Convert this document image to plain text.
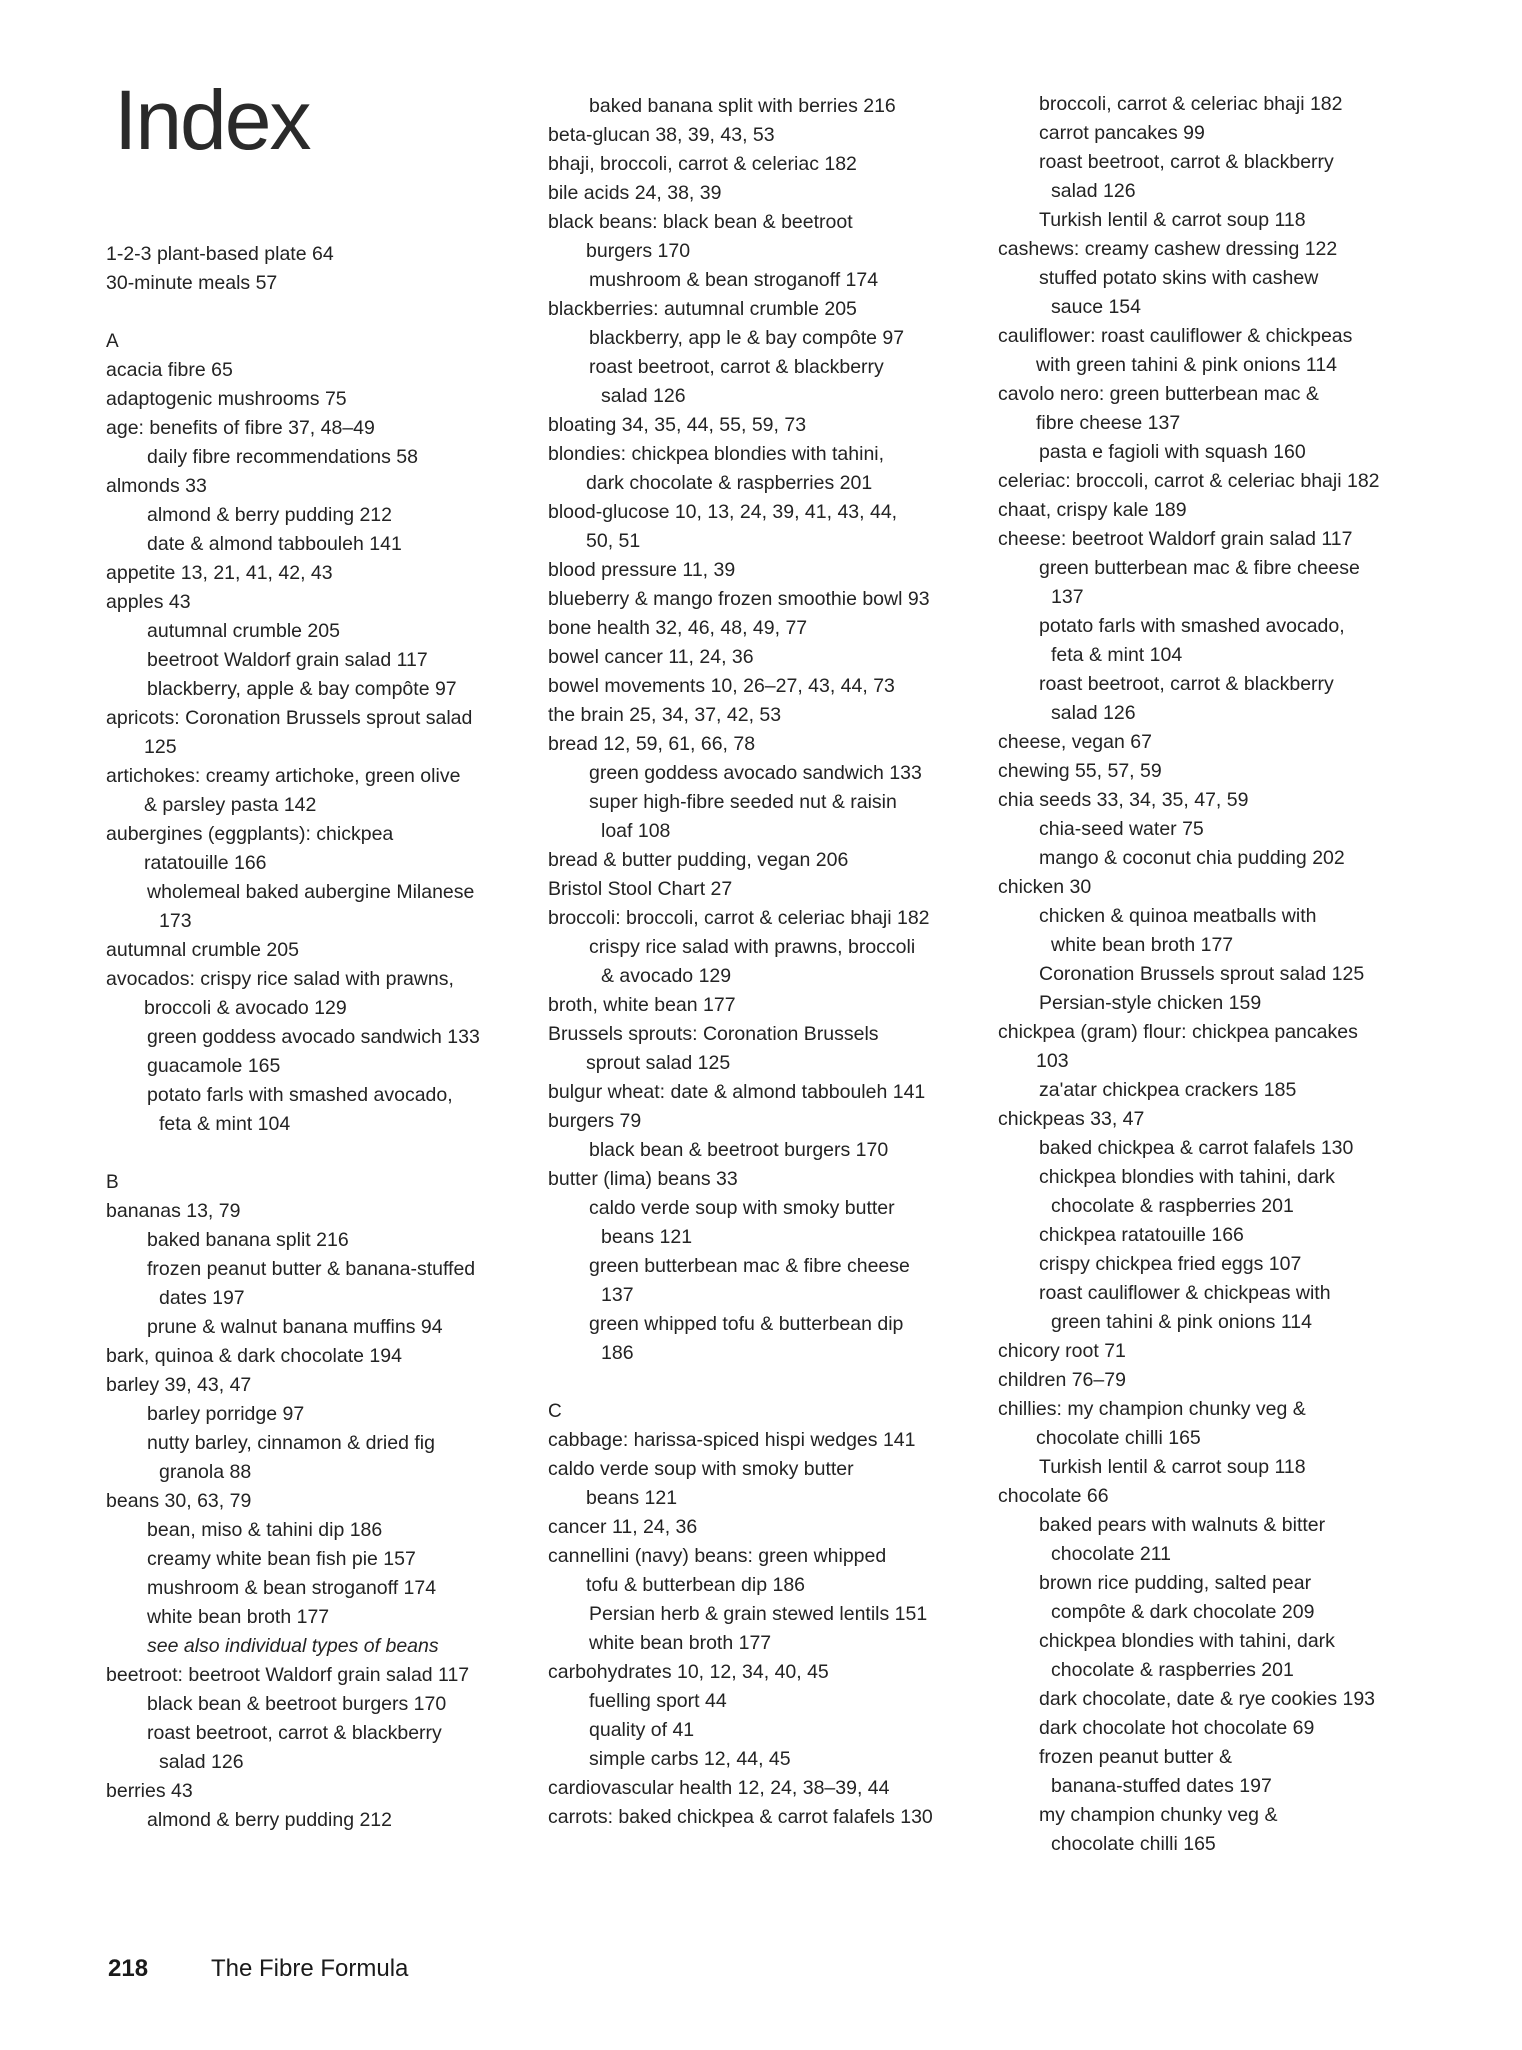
Index
1-2-3 plant-based plate 64
30-minute meals 57
A
acacia fibre 65
adaptogenic mushrooms 75
age: benefits of fibre 37, 48–49
daily fibre recommendations 58
almonds 33
almond & berry pudding 212
date & almond tabbouleh 141
appetite 13, 21, 41, 42, 43
apples 43
autumnal crumble 205
beetroot Waldorf grain salad 117
blackberry, apple & bay compôte 97
apricots: Coronation Brussels sprout salad
125
artichokes: creamy artichoke, green olive
& parsley pasta 142
aubergines (eggplants): chickpea
ratatouille 166
wholemeal baked aubergine Milanese
173
autumnal crumble 205
avocados: crispy rice salad with prawns,
broccoli & avocado 129
green goddess avocado sandwich 133
guacamole 165
potato farls with smashed avocado,
feta & mint 104
B
bananas 13, 79
baked banana split 216
frozen peanut butter & banana-stuffed
dates 197
prune & walnut banana muffins 94
bark, quinoa & dark chocolate 194
barley 39, 43, 47
barley porridge 97
nutty barley, cinnamon & dried fig
granola 88
beans 30, 63, 79
bean, miso & tahini dip 186
creamy white bean fish pie 157
mushroom & bean stroganoff 174
white bean broth 177
see also individual types of beans
beetroot: beetroot Waldorf grain salad 117
black bean & beetroot burgers 170
roast beetroot, carrot & blackberry
salad 126
berries 43
almond & berry pudding 212
baked banana split with berries 216
beta-glucan 38, 39, 43, 53
bhaji, broccoli, carrot & celeriac 182
bile acids 24, 38, 39
black beans: black bean & beetroot
burgers 170
mushroom & bean stroganoff 174
blackberries: autumnal crumble 205
blackberry, app le & bay compôte 97
roast beetroot, carrot & blackberry
salad 126
bloating 34, 35, 44, 55, 59, 73
blondies: chickpea blondies with tahini,
dark chocolate & raspberries 201
blood-glucose 10, 13, 24, 39, 41, 43, 44,
50, 51
blood pressure 11, 39
blueberry & mango frozen smoothie bowl 93
bone health 32, 46, 48, 49, 77
bowel cancer 11, 24, 36
bowel movements 10, 26–27, 43, 44, 73
the brain 25, 34, 37, 42, 53
bread 12, 59, 61, 66, 78
green goddess avocado sandwich 133
super high-fibre seeded nut & raisin
loaf 108
bread & butter pudding, vegan 206
Bristol Stool Chart 27
broccoli: broccoli, carrot & celeriac bhaji 182
crispy rice salad with prawns, broccoli
& avocado 129
broth, white bean 177
Brussels sprouts: Coronation Brussels
sprout salad 125
bulgur wheat: date & almond tabbouleh 141
burgers 79
black bean & beetroot burgers 170
butter (lima) beans 33
caldo verde soup with smoky butter
beans 121
green butterbean mac & fibre cheese
137
green whipped tofu & butterbean dip
186
C
cabbage: harissa-spiced hispi wedges 141
caldo verde soup with smoky butter
beans 121
cancer 11, 24, 36
cannellini (navy) beans: green whipped
tofu & butterbean dip 186
Persian herb & grain stewed lentils 151
white bean broth 177
carbohydrates 10, 12, 34, 40, 45
fuelling sport 44
quality of 41
simple carbs 12, 44, 45
cardiovascular health 12, 24, 38–39, 44
carrots: baked chickpea & carrot falafels 130
broccoli, carrot & celeriac bhaji 182
carrot pancakes 99
roast beetroot, carrot & blackberry
salad 126
Turkish lentil & carrot soup 118
cashews: creamy cashew dressing 122
stuffed potato skins with cashew
sauce 154
cauliflower: roast cauliflower & chickpeas
with green tahini & pink onions 114
cavolo nero: green butterbean mac &
fibre cheese 137
pasta e fagioli with squash 160
celeriac: broccoli, carrot & celeriac bhaji 182
chaat, crispy kale 189
cheese: beetroot Waldorf grain salad 117
green butterbean mac & fibre cheese
137
potato farls with smashed avocado,
feta & mint 104
roast beetroot, carrot & blackberry
salad 126
cheese, vegan 67
chewing 55, 57, 59
chia seeds 33, 34, 35, 47, 59
chia-seed water 75
mango & coconut chia pudding 202
chicken 30
chicken & quinoa meatballs with
white bean broth 177
Coronation Brussels sprout salad 125
Persian-style chicken 159
chickpea (gram) flour: chickpea pancakes
103
za'atar chickpea crackers 185
chickpeas 33, 47
baked chickpea & carrot falafels 130
chickpea blondies with tahini, dark
chocolate & raspberries 201
chickpea ratatouille 166
crispy chickpea fried eggs 107
roast cauliflower & chickpeas with
green tahini & pink onions 114
chicory root 71
children 76–79
chillies: my champion chunky veg &
chocolate chilli 165
Turkish lentil & carrot soup 118
chocolate 66
baked pears with walnuts & bitter
chocolate 211
brown rice pudding, salted pear
compôte & dark chocolate 209
chickpea blondies with tahini, dark
chocolate & raspberries 201
dark chocolate, date & rye cookies 193
dark chocolate hot chocolate 69
frozen peanut butter &
banana-stuffed dates 197
my champion chunky veg &
chocolate chilli 165
218	The Fibre Formula
